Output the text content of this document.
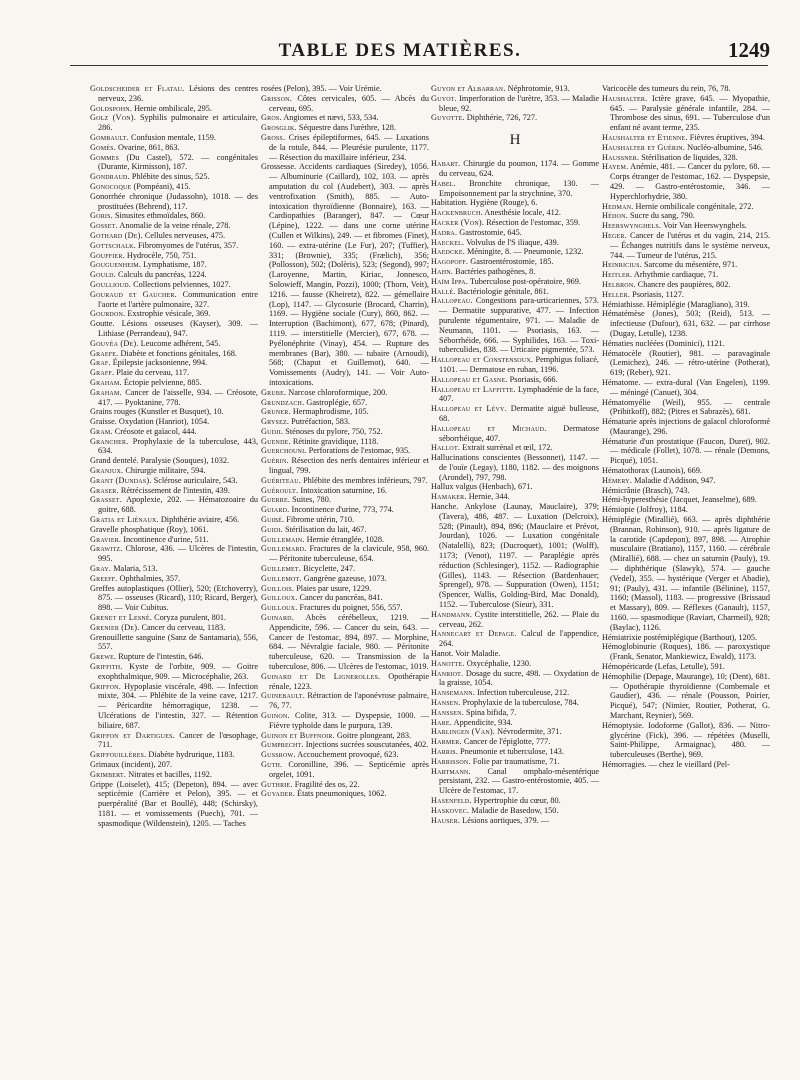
TABLE DES MATIÈRES.	1249

Goldscheider et Flatau. Lésions des centres nerveux, 236.

Goldspohn. Hernie ombilicale, 295.

Golz (Von). Syphilis pulmonaire et articulaire, 286.

Gombault. Confusion mentale, 1159.

Gomès. Ovarine, 861, 863.

Gommes (Du Castel), 572. — congénitales (Durante, Kirmisson), 187.

Gondraud. Phlébite des sinus, 525.

Gonocoque (Pompéani), 415.

Gonorrhée chronique (Judassohn), 1018. — des prostituées (Behrend), 117.

Goris. Sinusites ethmoïdales, 860.

Gosset. Anomalie de la veine rénale, 278.

Gothard (De). Cellules nerveuses, 475.

Gottschalk. Fibromyomes de l'utérus, 357.

Gouffier. Hydrocèle, 750, 751.

Gouguenheim. Lymphatisme, 187.

Gould. Calculs du pancréas, 1224.

Goullioud. Collections pelviennes, 1027.

Gouraud et Gaucher. Communication entre l'aorte et l'artère pulmonaire, 327.

Gourdon. Exstrophie vésicale, 369.

Goutte. Lésions osseuses (Kayser), 309. — Lithiase (Perrandeau), 947.

Gouvéa (De). Leucome adhérent, 545.

Graefe. Diabète et fonctions génitales, 168.

Graf. Épilepsie jacksonienne, 994.

Graff. Plaie du cerveau, 117.

Graham. Éctopie pelvienne, 885.

Graham. Cancer de l'aisselle, 934. — Créosote, 417. — Pyoktanine, 778.

Grains rouges (Kunstler et Busquet), 10.

Graisse. Oxydation (Hanriot), 1054.

Gram. Créosote et gaïacol, 444.

Grancher. Prophylaxie de la tuberculose, 443, 634.

Grand dentelé. Paralysie (Souques), 1032.

Granjux. Chirurgie militaire, 594.

Grant (Dundas). Sclérose auriculaire, 543.

Graser. Rétrécissement de l'intestin, 439.

Grasset. Apoplexie, 202. — Hématozoaire du goitre, 688.

Gratia et Liénaux. Diphthérie aviaire, 456.

Gravelle phosphatique (Roy), 1061.

Gravier. Incontinence d'urine, 511.

Grawitz. Chlorose, 436. — Ulcères de l'intestin, 995.

Gray. Malaria, 513.

Greeff. Ophthalmies, 357.

Greffes autoplastiques (Ollier), 520; (Etchoverry), 875. — osseuses (Ricard), 110; Ricard, Berger), 898. — Voir Cubitus.

Grenet et Lesné. Coryza purulent, 801.

Grenier (De). Cancer du cerveau, 1183.

Grenouillette sanguine (Sanz de Santamaria), 556, 557.

Grewe. Rupture de l'intestin, 646.

Griffith. Kyste de l'orbite, 909. — Goitre exophthalmique, 909. — Microcéphalie, 263.

Griffon. Hypoplasie viscérale, 498. — Infection mixte, 304. — Phlébite de la veine cave, 1217. — Péricardite hémorragique, 1238. — Ulcérations de l'intestin, 327. — Rétention biliaire, 687.

Griffon et Dartigues. Cancer de l'œsophage, 711.

Griffouillères. Diabète hydrurique, 1183.

Grimaux (incident), 207.

Grimbert. Nitrates et bacilles, 1192.

Grippe (Loiselet), 415; (Depeton), 894. — avec septicémie (Carrière et Pelon), 395. — et puerpéralité (Bar et Boullé), 448; (Schirsky), 1181. — et vomissements (Puech), 701. — spasmodique (Wildenstein), 1205. — Taches

rosées (Pelon), 395. — Voir Urémie.

Grisson. Côtes cervicales, 605. — Abcès du cerveau, 695.

Gros. Angiomes et nævi, 533, 534.

Grosglik. Séquestre dans l'urèthre, 128.

Gross. Crises épileptiformes, 645. — Luxations de la rotule, 844. — Pleurésie purulente, 1177. — Résection du maxillaire inférieur, 234.

Grossesse. Accidents cardiaques (Siredey), 1056. — Albuminurie (Caillard), 102, 103. — après amputation du col (Audebert), 303. — après ventrofixation (Smith), 885. — Auto-intoxication thyroïdienne (Bonnaire), 163. — Cardiopathies (Baranger), 847. — Cœur (Lépine), 1222. — dans une corne utérine (Cullen et Wilkins), 249. — et fibromes (Finet), 160. — extra-utérine (Le Fur), 207; (Tuffier), 331; (Brownie), 335; (Frælich), 356; (Pollosson), 502; (Dolèris), 523; (Segond), 997; (Laroyenne, Martin, Kiriac, Jonnesco, Solowieff, Mangin, Pozzi), 1000; (Thorn, Veit), 1216. — fausse (Kheiretz), 822. — gémellaire (Lop), 1147. — Glycosurie (Brocard, Charrin), 1169. — Hygiène sociale (Cury), 860, 862. — Interruption (Bachimont), 677, 678; (Pinard), 1119. — interstitielle (Mercier), 677, 678. — Pyélonéphrite (Vinay), 454. — Rupture des membranes (Bar), 380. — tubaire (Arnoudi), 568; (Chaput et Guillemot), 640. — Vomissements (Audry), 141. — Voir Auto-intoxications.

Grube. Narcose chloroformique, 200.

Grundzach. Gastroplégie, 657.

Gruner. Hermaphrodisme, 105.

Grysez. Putréfaction, 583.

Gudji. Sténoses du pylore, 750, 752.

Guende. Rétinite gravidique, 1118.

Guerchouni. Perforations de l'estomac, 935.

Guérin. Résection des nerfs dentaires inférieur et lingual, 799.

Guériteau. Phlébite des membres inférieurs, 797.

Guéroult. Intoxication saturnine, 16.

Guerre. Suites, 780.

Guiard. Incontinence d'urine, 773, 774.

Guibé. Fibrome utérin, 710.

Guidi. Stérilisation du lait, 467.

Guillemain. Hernie étranglée, 1028.

Guillemard. Fractures de la clavicule, 958, 960. — Péritonite tuberculeuse, 654.

Guillemet. Bicyclette, 247.

Guillemot. Gangrène gazeuse, 1073.

Guillois. Plaies par usure, 1229.

Guilloux. Cancer du pancréas, 841.

Guilloux. Fractures du poignet, 556, 557.

Guinard. Abcès cérébelleux, 1219. — Appendicite, 596. — Cancer du sein, 643. — Cancer de l'estomac, 894, 897. — Morphine, 684. — Névralgie faciale, 980. — Péritonite tuberculeuse, 620. — Transmission de la tuberculose, 806. — Ulcères de l'estomac, 1019.

Guinard et De Lignerolles. Opothérapie rénale, 1223.

Guinebault. Rétraction de l'aponévrose palmaire, 76, 77.

Guinon. Colite, 313. — Dyspepsie, 1000. — Fièvre typhoïde dans le purpura, 139.

Guinon et Buffnoir. Goitre plongeant, 283.

Gumprecht. Injections sucrées souscutanées, 402.

Gussrow. Accouchement provoqué, 623.

Guth. Coronilline, 396. — Septicémie après orgelet, 1091.

Guthrie. Fragilité des os, 22.

Guyader. États pneumoniques, 1062.

Guyon et Albarran. Néphrotomie, 913.

Guyot. Imperforation de l'urètre, 353. — Maladie bleue, 92.

Guyotte. Diphthérie, 726, 727.

H

Habart. Chirurgie du poumon, 1174. — Gomme du cerveau, 624.

Habel. Bronchite chronique, 130. — Empoisonnement par la strychnine, 370.

Habitation. Hygiène (Rouge), 6.

Hackenbruch. Anesthésie locale, 412.

Hacker (Von). Résection de l'estomac, 359.

Hadra. Gastrostomie, 645.

Haeckel. Volvulus de l'S iliaque, 439.

Haedcke. Méningite, 8. — Pneumonie, 1232.

Hagopoff. Gastroentérostomie, 185.

Hahn. Bactéries pathogènes, 8.

Haïm Ippa. Tuberculose post-opératoire, 969.

Hallé. Bactériologie génitale, 861.

Hallopeau. Congestions para-urticariennes, 573. — Dermatite suppurative, 477. — Infection purulente tégumentaire, 971. — Maladie de Neumann, 1101. — Psoriasis, 163. — Séborrhéide, 666. — Syphilides, 163. — Toxi-tuberculides, 838. — Urticaire pigmentée, 573.

Hallopeau et Constensoux. Pemphigus foliacé, 1101. — Dermatose en ruban, 1196.

Hallopeau et Gasne. Psoriasis, 666.

Hallopeau et Laffitte. Lymphadénie de la face, 407.

Hallopeau et Lévy. Dermatite aiguë bulleuse, 68.

Hallopeau et Michaud. Dermatose séborrhéique, 407.

Hallot. Extrait surrénal et œil, 172.

Hallucinations conscientes (Bessonnet), 1147. — de l'ouïe (Legay), 1180, 1182. — des moignons (Arondel), 797, 798.

Hallux valgus (Henbach), 671.

Hamaker. Hernie, 344.

Hanche. Ankylose (Launay, Mauclaire), 379; (Tavera), 486, 487. — Luxation (Delcroix), 528; (Pinault), 894, 896; (Mauclaire et Prévot, Jourdan), 1026. — Luxation congénitale (Natalelli), 823; (Ducroquet), 1001; (Wolff), 1173; (Venot), 1197. — Paraplégie après réduction (Schlesinger), 1152. — Radiographie (Gilles), 1143. — Résection (Bardenhauer; Sprengel), 978. — Suppuration (Owen), 1151; (Spencer, Wallis, Golding-Bird, Mac Donald), 1152. — Tuberculose (Sieur), 331.

Handmann. Cystite interstitielle, 262. — Plaie du cerveau, 262.

Hannecart et Depage. Calcul de l'appendice, 264.

Hanot. Voir Maladie.

Hanotte. Oxycéphalie, 1230.

Hanriot. Dosage du sucre, 498. — Oxydation de la graisse, 1054.

Hansemann. Infection tuberculeuse, 212.

Hansen. Prophylaxie de la tuberculose, 784.

Hanssen. Spina bifida, 7.

Hare. Appendicite, 934.

Harlingen (Van). Névrodermite, 371.

Harmer. Cancer de l'épiglotte, 777.

Harris. Pneumonie et tuberculose, 143.

Harrisson. Folie par traumatisme, 71.

Hartmann. Canal omphalo-mésentérique persistant, 232. — Gastro-entérostomie, 405. — Ulcère de l'estomac, 17.

Hasenfeld. Hypertrophie du cœur, 80.

Haskovec. Maladie de Basedow, 150.

Hauser. Lésions aortiques, 379. —

Varicocèle des tumeurs du rein, 76, 78.

Haushalter. Ictère grave, 645. — Myopathie, 645. — Paralysie générale infantile, 284. — Thrombose des sinus, 691. — Tuberculose d'un enfant né avant terme, 235.

Haushalter et Etienne. Fièvres éruptives, 394.

Haushalter et Guérin. Nucléo-albumine, 546.

Haussner. Stérilisation de liquides, 328.

Hayem. Anémie, 481. — Cancer du pylore, 68. — Corps étranger de l'estomac, 162. — Dyspepsie, 429. — Gastro-entérostomie, 346. — Hyperchlorhydrie, 380.

Hedman. Hernie ombilicale congénitale, 272.

Hédon. Sucre du sang, 790.

Heerswynghels. Voir Van Heerswynghels.

Heger. Cancer de l'utérus et du vagin, 214, 215. — Échanges nutritifs dans le système nerveux, 744. — Tumeur de l'utérus, 215.

Heinricius. Sarcome du mésentère, 971.

Heitler. Arhythmie cardiaque, 71.

Helbron. Chancre des paupières, 802.

Heller. Psoriasis, 1127.

Hémiathisse. Hémiplégie (Maragliano), 319.

Hématémèse (Jones), 503; (Reid), 513. — infectieuse (Dufour), 631, 632. — par cirrhose (Dugay, Letulle), 1238.

Hématies nucléées (Dominici), 1121.

Hématocèle (Routier), 981. — paravaginale (Lemichez), 246. — rétro-utérine (Potherat), 619; (Reber), 921.

Hématome. — extra-dural (Van Engelen), 1199. — méningé (Canuet), 304.

Hématomyélie (Weil), 955. — centrale (Pribitkoff), 882; (Pitres et Sabrazès), 681.

Hématurie après injections de gaïacol chloroformé (Maurange), 296.

Hématurie d'un prostatique (Faucon, Duret), 902. — médicale (Follet), 1078. — rénale (Demons, Picqué), 1051.

Hématothorax (Launois), 669.

Hémery. Maladie d'Addison, 947.

Hémicrânie (Brasch), 743.

Hémi-hyperesthésie (Jacquet, Jeanselme), 689.

Hémiopie (Jolfroy), 1184.

Hémiplégie (Mirallié), 663. — après diphthérie (Brannan, Robinson), 910. — après ligature de la carotide (Capdepon), 897, 898. — Atrophie musculaire (Bratiano), 1157, 1160. — cérébrale (Mirallié), 688. — chez un saturnin (Pauly), 19. — diphthérique (Slawyk), 574. — gauche (Vedel), 355. — hystérique (Verger et Abadie), 91; (Pauly), 431. — infantile (Bélinine), 1157, 1160; (Massol), 1183. — progressive (Brissaud et Massary), 809. — Réflexes (Ganault), 1157, 1160. — spasmodique (Raviart, Charmeil), 928; (Baylac), 1126.

Hémiatrixie postémiplégique (Barthout), 1205.

Hémoglobinurie (Roques), 186. — paroxystique (Frank, Senator, Mankiewicz, Ewald), 1173.

Hémopéricarde (Lefas, Letulle), 591.

Hémophilie (Depage, Maurange), 10; (Dent), 681. — Opothérapie thyroïdienne (Combemale et Gaudier), 436. — rénale (Pousson, Poirier, Picqué), 547; (Nimier, Routier, Potherat, G. Marchant, Reynier), 569.

Hémoptysie. Iodoforme (Gallot), 836. — Nitro-glycérine (Fick), 396. — répétées (Muselli, Saint-Philippe, Armaignac), 480. — tuberculeuses (Berthe), 969.

Hémorragies. — chez le vieillard (Pel-
